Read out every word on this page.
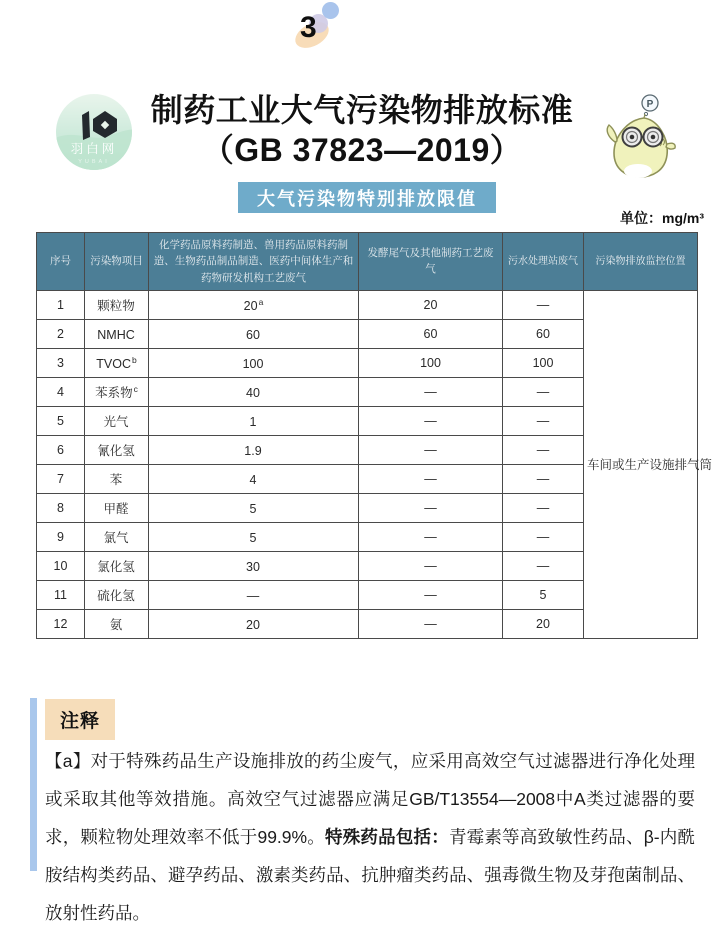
3
羽白网
YUBAI
制药工业大气污染物排放标准
（GB 37823—2019）
P
大气污染物特别排放限值
单位：mg/m³
序号	污染物项目	化学药品原料药制造、兽用药品原料药制造、生物药品制品制造、医药中间体生产和药物研发机构工艺废气	发酵尾气及其他制药工艺废气	污水处理站废气	污染物排放监控位置
1	颗粒物	20$^a$	20	—	车间或生产设施排气筒
2	NMHC	60	60	60	
3	TVOC$^b$	100	100	100	
4	苯系物$^c$	40	—	—	
5	光气	1	—	—	
6	氰化氢	1.9	—	—	
7	苯	4	—	—	
8	甲醛	5	—	—	
9	氯气	5	—	—	
10	氯化氢	30	—	—	
11	硫化氢	—	—	5	
12	氨	20	—	20	
注释
【a】对于特殊药品生产设施排放的药尘废气，应采用高效空气过滤器进行净化处理或采取其他等效措施。高效空气过滤器应满足GB/T13554—2008中A类过滤器的要求，颗粒物处理效率不低于99.9%。特殊药品包括：青霉素等高致敏性药品、β-内酰胺结构类药品、避孕药品、激素类药品、抗肿瘤类药品、强毒微生物及芽孢菌制品、放射性药品。
